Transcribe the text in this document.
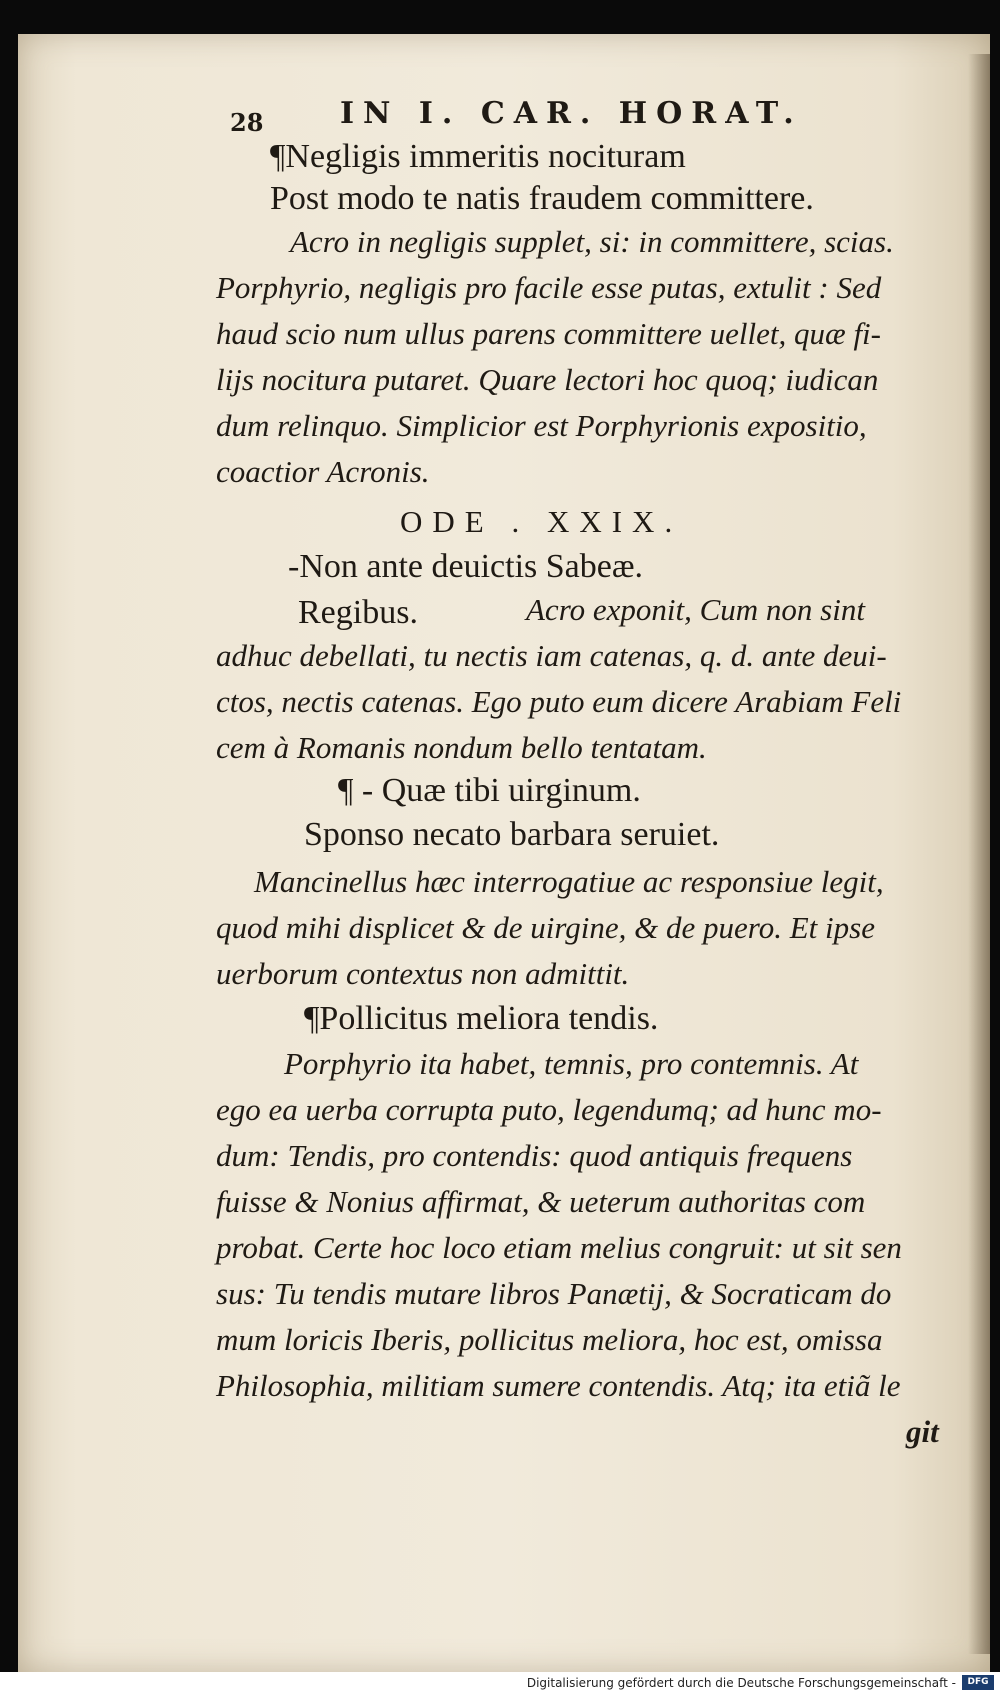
28	IN I. CAR. HORAT.
¶Negligis immeritis nocituram
Post modo te natis fraudem committere.
Acro in negligis supplet, si: in committere, scias.
Porphyrio, negligis pro facile esse putas, extulit : Sed
haud scio num ullus parens committere uellet, quæ fi-
lijs nocitura putaret. Quare lectori hoc quoq; iudican
dum relinquo. Simplicior est Porphyrionis expositio,
coactior Acronis.
ODE . XXIX.
-Non ante deuictis Sabeæ.
Regibus.	Acro exponit, Cum non sint
adhuc debellati, tu nectis iam catenas, q. d. ante deui-
ctos, nectis catenas. Ego puto eum dicere Arabiam Feli
cem à Romanis nondum bello tentatam.
¶ - Quæ tibi uirginum.
Sponso necato barbara seruiet.
Mancinellus hæc interrogatiue ac responsiue legit,
quod mihi displicet & de uirgine, & de puero. Et ipse
uerborum contextus non admittit.
¶Pollicitus meliora tendis.
Porphyrio ita habet, temnis, pro contemnis. At
ego ea uerba corrupta puto, legendumq; ad hunc mo-
dum: Tendis, pro contendis: quod antiquis frequens
fuisse & Nonius affirmat, & ueterum authoritas com
probat. Certe hoc loco etiam melius congruit: ut sit sen
sus: Tu tendis mutare libros Panætij, & Socraticam do
mum loricis Iberis, pollicitus meliora, hoc est, omissa
Philosophia, militiam sumere contendis. Atq; ita etiã le
git
Digitalisierung gefördert durch die Deutsche Forschungsgemeinschaft -	DFG
